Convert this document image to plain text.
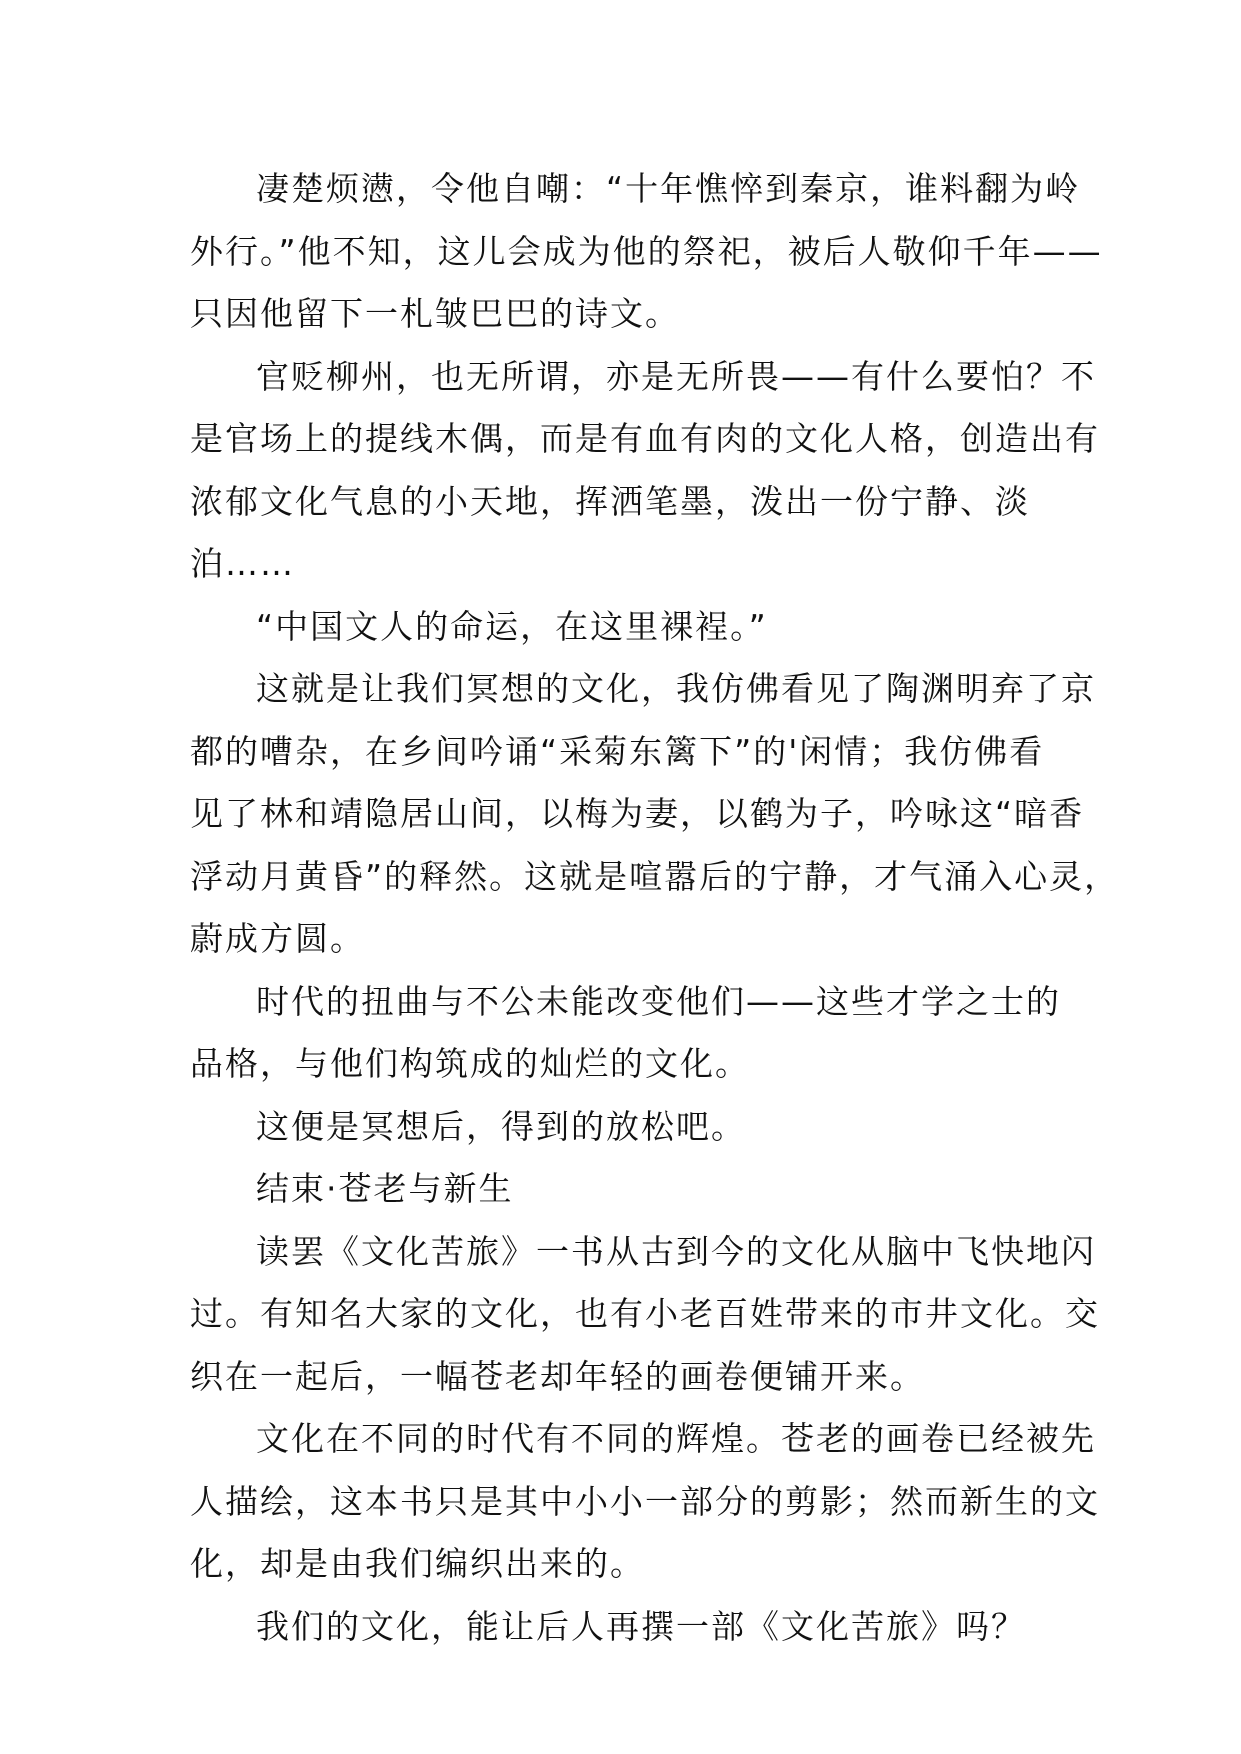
凄楚烦懑，令他自嘲：“十年憔悴到秦京，谁料翻为岭
外行。”他不知，这儿会成为他的祭祀，被后人敬仰千年——
只因他留下一札皱巴巴的诗文。
官贬柳州，也无所谓，亦是无所畏——有什么要怕？不
是官场上的提线木偶，而是有血有肉的文化人格，创造出有
浓郁文化气息的小天地，挥洒笔墨，泼出一份宁静、淡
泊……
“中国文人的命运，在这里裸裎。”
这就是让我们冥想的文化，我仿佛看见了陶渊明弃了京
都的嘈杂，在乡间吟诵“采菊东篱下”的'闲情；我仿佛看
见了林和靖隐居山间，以梅为妻，以鹤为子，吟咏这“暗香
浮动月黄昏”的释然。这就是喧嚣后的宁静，才气涌入心灵，
蔚成方圆。
时代的扭曲与不公未能改变他们——这些才学之士的
品格，与他们构筑成的灿烂的文化。
这便是冥想后，得到的放松吧。
结束·苍老与新生
读罢《文化苦旅》一书从古到今的文化从脑中飞快地闪
过。有知名大家的文化，也有小老百姓带来的市井文化。交
织在一起后，一幅苍老却年轻的画卷便铺开来。
文化在不同的时代有不同的辉煌。苍老的画卷已经被先
人描绘，这本书只是其中小小一部分的剪影；然而新生的文
化，却是由我们编织出来的。
我们的文化，能让后人再撰一部《文化苦旅》吗？
